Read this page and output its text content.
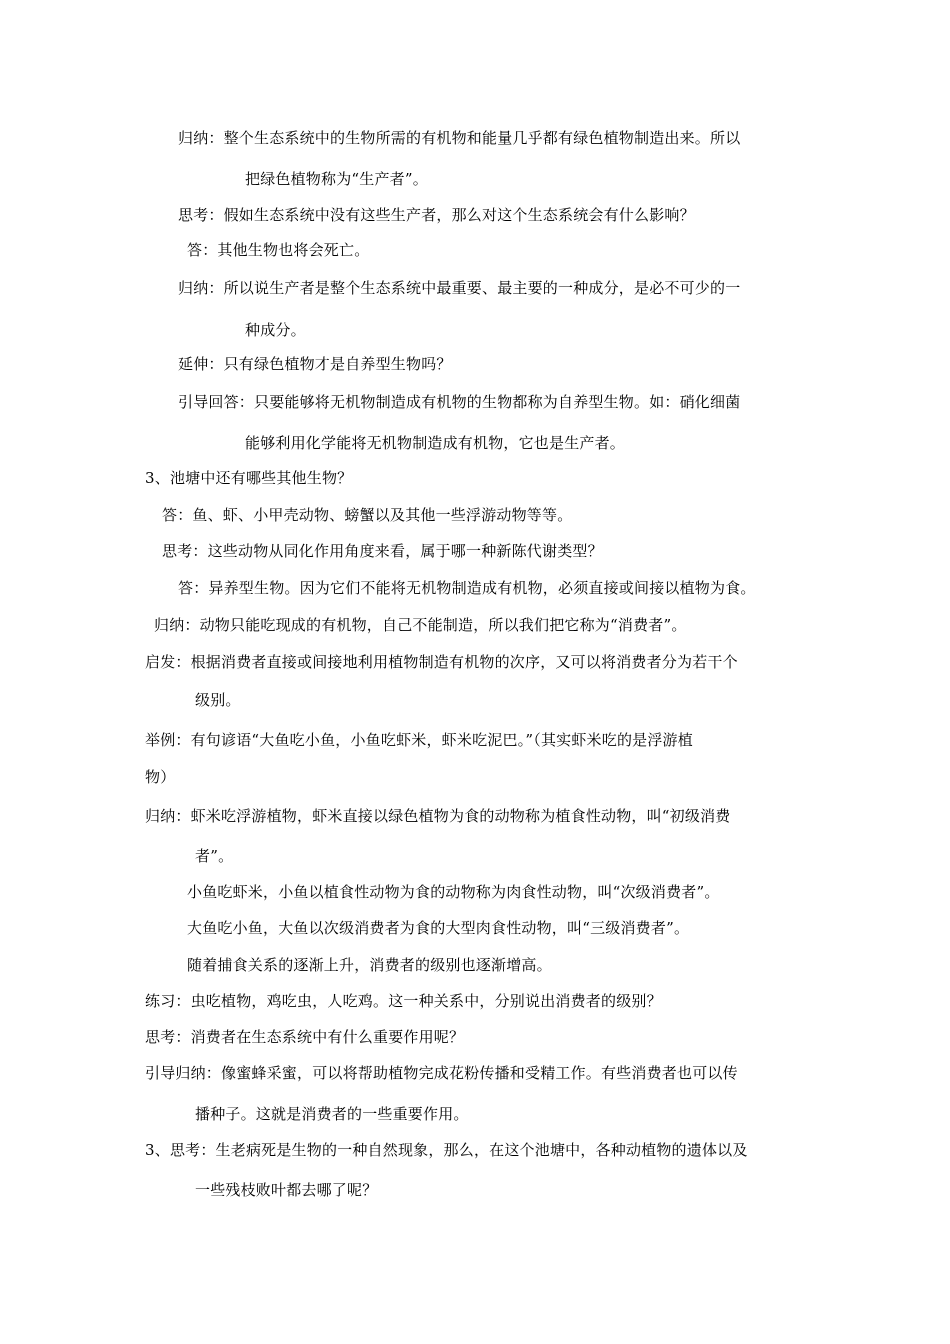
归纳：整个生态系统中的生物所需的有机物和能量几乎都有绿色植物制造出来。所以
把绿色植物称为“生产者”。
思考：假如生态系统中没有这些生产者，那么对这个生态系统会有什么影响？
答：其他生物也将会死亡。
归纳：所以说生产者是整个生态系统中最重要、最主要的一种成分，是必不可少的一
种成分。
延伸：只有绿色植物才是自养型生物吗？
引导回答：只要能够将无机物制造成有机物的生物都称为自养型生物。如：硝化细菌
能够利用化学能将无机物制造成有机物，它也是生产者。
3、池塘中还有哪些其他生物？
答：鱼、虾、小甲壳动物、螃蟹以及其他一些浮游动物等等。
思考：这些动物从同化作用角度来看，属于哪一种新陈代谢类型？
答：异养型生物。因为它们不能将无机物制造成有机物，必须直接或间接以植物为食。
归纳：动物只能吃现成的有机物，自己不能制造，所以我们把它称为“消费者”。
启发：根据消费者直接或间接地利用植物制造有机物的次序，又可以将消费者分为若干个
级别。
举例：有句谚语“大鱼吃小鱼，小鱼吃虾米，虾米吃泥巴。”（其实虾米吃的是浮游植
物）
归纳：虾米吃浮游植物，虾米直接以绿色植物为食的动物称为植食性动物，叫“初级消费
者”。
小鱼吃虾米，小鱼以植食性动物为食的动物称为肉食性动物，叫“次级消费者”。
大鱼吃小鱼，大鱼以次级消费者为食的大型肉食性动物，叫“三级消费者”。
随着捕食关系的逐渐上升，消费者的级别也逐渐增高。
练习：虫吃植物，鸡吃虫，人吃鸡。这一种关系中，分别说出消费者的级别？
思考：消费者在生态系统中有什么重要作用呢？
引导归纳：像蜜蜂采蜜，可以将帮助植物完成花粉传播和受精工作。有些消费者也可以传
播种子。这就是消费者的一些重要作用。
3、思考：生老病死是生物的一种自然现象，那么，在这个池塘中，各种动植物的遗体以及
一些残枝败叶都去哪了呢？
